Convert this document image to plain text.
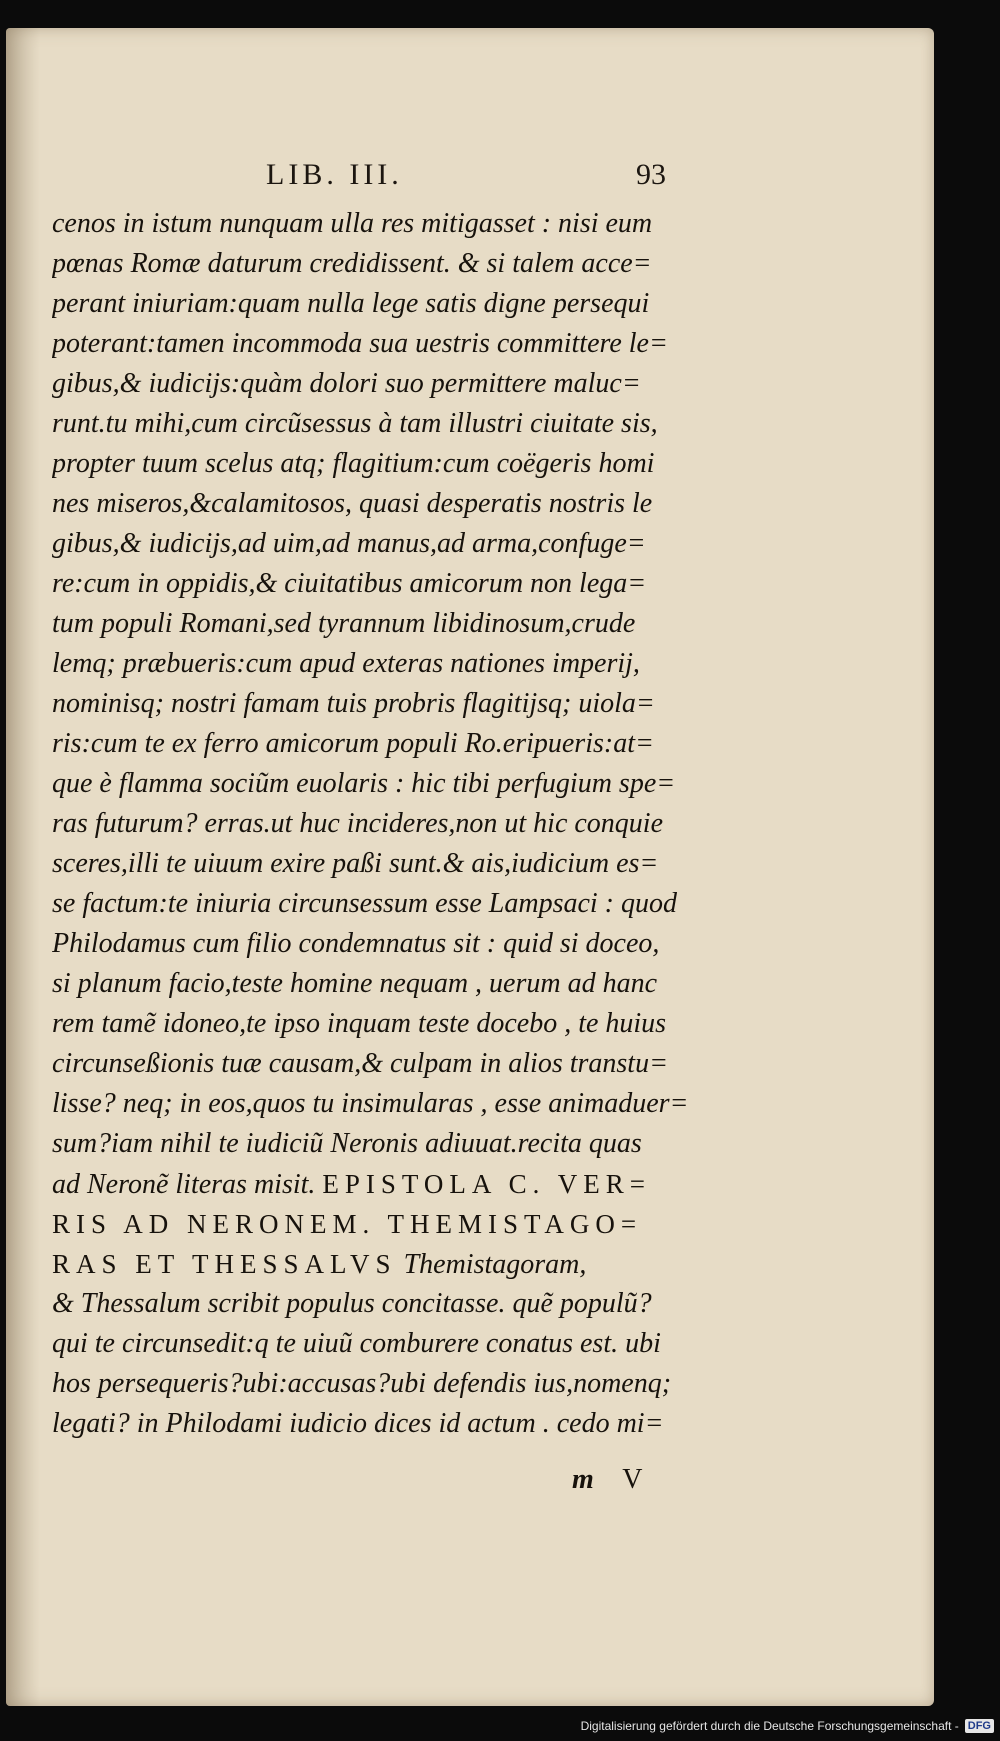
LIB. III.	93
cenos in istum nunquam ulla res mitigasset : nisi eum
pœnas Romæ daturum credidissent. & si talem acce=
perant iniuriam:quam nulla lege satis digne persequi
poterant:tamen incommoda sua uestris committere le=
gibus,& iudicijs:quàm dolori suo permittere maluc=
runt.tu mihi,cum circũsessus à tam illustri ciuitate sis,
propter tuum scelus atq; flagitium:cum coëgeris homi
nes miseros,&calamitosos, quasi desperatis nostris le
gibus,& iudicijs,ad uim,ad manus,ad arma,confuge=
re:cum in oppidis,& ciuitatibus amicorum non lega=
tum populi Romani,sed tyrannum libidinosum,crude
lemq; præbueris:cum apud exteras nationes imperij,
nominisq; nostri famam tuis probris flagitijsq; uiola=
ris:cum te ex ferro amicorum populi Ro.eripueris:at=
que è flamma sociũm euolaris : hic tibi perfugium spe=
ras futurum? erras.ut huc incideres,non ut hic conquie
sceres,illi te uiuum exire paßi sunt.& ais,iudicium es=
se factum:te iniuria circunsessum esse Lampsaci : quod
Philodamus cum filio condemnatus sit : quid si doceo,
si planum facio,teste homine nequam , uerum ad hanc
rem tamẽ idoneo,te ipso inquam teste docebo , te huius
circunseßionis tuæ causam,& culpam in alios transtu=
lisse? neq; in eos,quos tu insimularas , esse animaduer=
sum?iam nihil te iudiciũ Neronis adiuuat.recita quas
ad Neronẽ literas misit. EPISTOLA C. VER=
RIS AD NERONEM. THEMISTAGO=
RAS ET THESSALVS Themistagoram,
& Thessalum scribit populus concitasse. quẽ populũ?
qui te circunsedit:q te uiuũ comburere conatus est. ubi
hos persequeris?ubi:accusas?ubi defendis ius,nomenq;
legati? in Philodami iudicio dices id actum . cedo mi=
m V
Digitalisierung gefördert durch die Deutsche Forschungsgemeinschaft - DFG
